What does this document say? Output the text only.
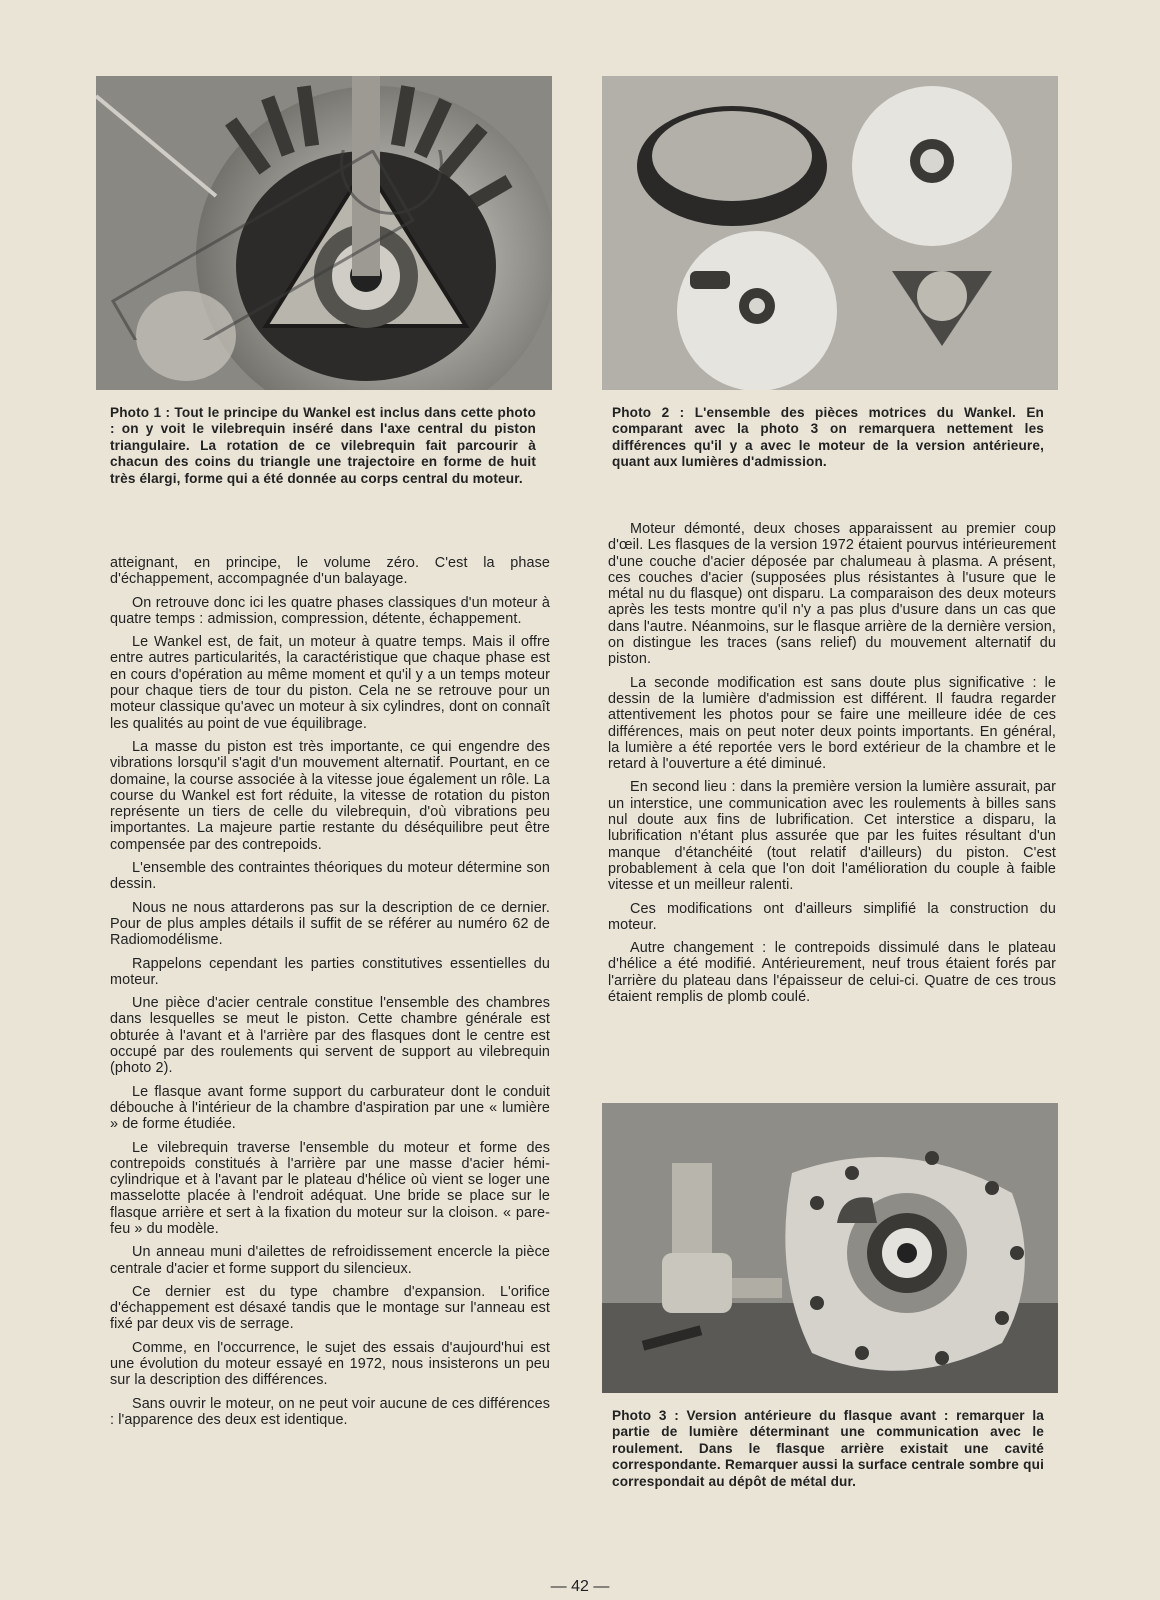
Photo 1 : Tout le principe du Wankel est inclus dans cette photo : on y voit le vilebrequin inséré dans l'axe central du piston triangulaire. La rotation de ce vilebrequin fait parcourir à chacun des coins du triangle une trajectoire en forme de huit très élargi, forme qui a été donnée au corps central du moteur.

Photo 2 : L'ensemble des pièces motrices du Wankel. En comparant avec la photo 3 on remarquera nettement les différences qu'il y a avec le moteur de la version antérieure, quant aux lumières d'admission.

atteignant, en principe, le volume zéro. C'est la phase d'échappement, accompagnée d'un balayage.

On retrouve donc ici les quatre phases classiques d'un moteur à quatre temps : admission, compression, détente, échappement.

Le Wankel est, de fait, un moteur à quatre temps. Mais il offre entre autres particularités, la caractéristique que chaque phase est en cours d'opération au même moment et qu'il y a un temps moteur pour chaque tiers de tour du piston. Cela ne se retrouve pour un moteur classique qu'avec un moteur à six cylindres, dont on connaît les qualités au point de vue équilibrage.

La masse du piston est très importante, ce qui engendre des vibrations lorsqu'il s'agit d'un mouvement alternatif. Pourtant, en ce domaine, la course associée à la vitesse joue également un rôle. La course du Wankel est fort réduite, la vitesse de rotation du piston représente un tiers de celle du vilebrequin, d'où vibrations peu importantes. La majeure partie restante du déséquilibre peut être compensée par des contrepoids.

L'ensemble des contraintes théoriques du moteur détermine son dessin.

Nous ne nous attarderons pas sur la description de ce dernier. Pour de plus amples détails il suffit de se référer au numéro 62 de Radiomodélisme.

Rappelons cependant les parties constitutives essentielles du moteur.

Une pièce d'acier centrale constitue l'ensemble des chambres dans lesquelles se meut le piston. Cette chambre générale est obturée à l'avant et à l'arrière par des flasques dont le centre est occupé par des roulements qui servent de support au vilebrequin (photo 2).

Le flasque avant forme support du carburateur dont le conduit débouche à l'intérieur de la chambre d'aspiration par une « lumière » de forme étudiée.

Le vilebrequin traverse l'ensemble du moteur et forme des contrepoids constitués à l'arrière par une masse d'acier hémi-cylindrique et à l'avant par le plateau d'hélice où vient se loger une masselotte placée à l'endroit adéquat. Une bride se place sur le flasque arrière et sert à la fixation du moteur sur la cloison. « pare-feu » du modèle.

Un anneau muni d'ailettes de refroidissement encercle la pièce centrale d'acier et forme support du silencieux.

Ce dernier est du type chambre d'expansion. L'orifice d'échappement est désaxé tandis que le montage sur l'anneau est fixé par deux vis de serrage.

Comme, en l'occurrence, le sujet des essais d'aujourd'hui est une évolution du moteur essayé en 1972, nous insisterons un peu sur la description des différences.

Sans ouvrir le moteur, on ne peut voir aucune de ces différences : l'apparence des deux est identique.

Moteur démonté, deux choses apparaissent au premier coup d'œil. Les flasques de la version 1972 étaient pourvus intérieurement d'une couche d'acier déposée par chalumeau à plasma. A présent, ces couches d'acier (supposées plus résistantes à l'usure que le métal nu du flasque) ont disparu. La comparaison des deux moteurs après les tests montre qu'il n'y a pas plus d'usure dans un cas que dans l'autre. Néanmoins, sur le flasque arrière de la dernière version, on distingue les traces (sans relief) du mouvement alternatif du piston.

La seconde modification est sans doute plus significative : le dessin de la lumière d'admission est différent. Il faudra regarder attentivement les photos pour se faire une meilleure idée de ces différences, mais on peut noter deux points importants. En général, la lumière a été reportée vers le bord extérieur de la chambre et le retard à l'ouverture a été diminué.

En second lieu : dans la première version la lumière assurait, par un interstice, une communication avec les roulements à billes sans nul doute aux fins de lubrification. Cet interstice a disparu, la lubrification n'étant plus assurée que par les fuites résultant d'un manque d'étanchéité (tout relatif d'ailleurs) du piston. C'est probablement à cela que l'on doit l'amélioration du couple à faible vitesse et un meilleur ralenti.

Ces modifications ont d'ailleurs simplifié la construction du moteur.

Autre changement : le contrepoids dissimulé dans le plateau d'hélice a été modifié. Antérieurement, neuf trous étaient forés par l'arrière du plateau dans l'épaisseur de celui-ci. Quatre de ces trous étaient remplis de plomb coulé.

Photo 3 : Version antérieure du flasque avant : remarquer la partie de lumière déterminant une communication avec le roulement. Dans le flasque arrière existait une cavité correspondante. Remarquer aussi la surface centrale sombre qui correspondait au dépôt de métal dur.

— 42 —
